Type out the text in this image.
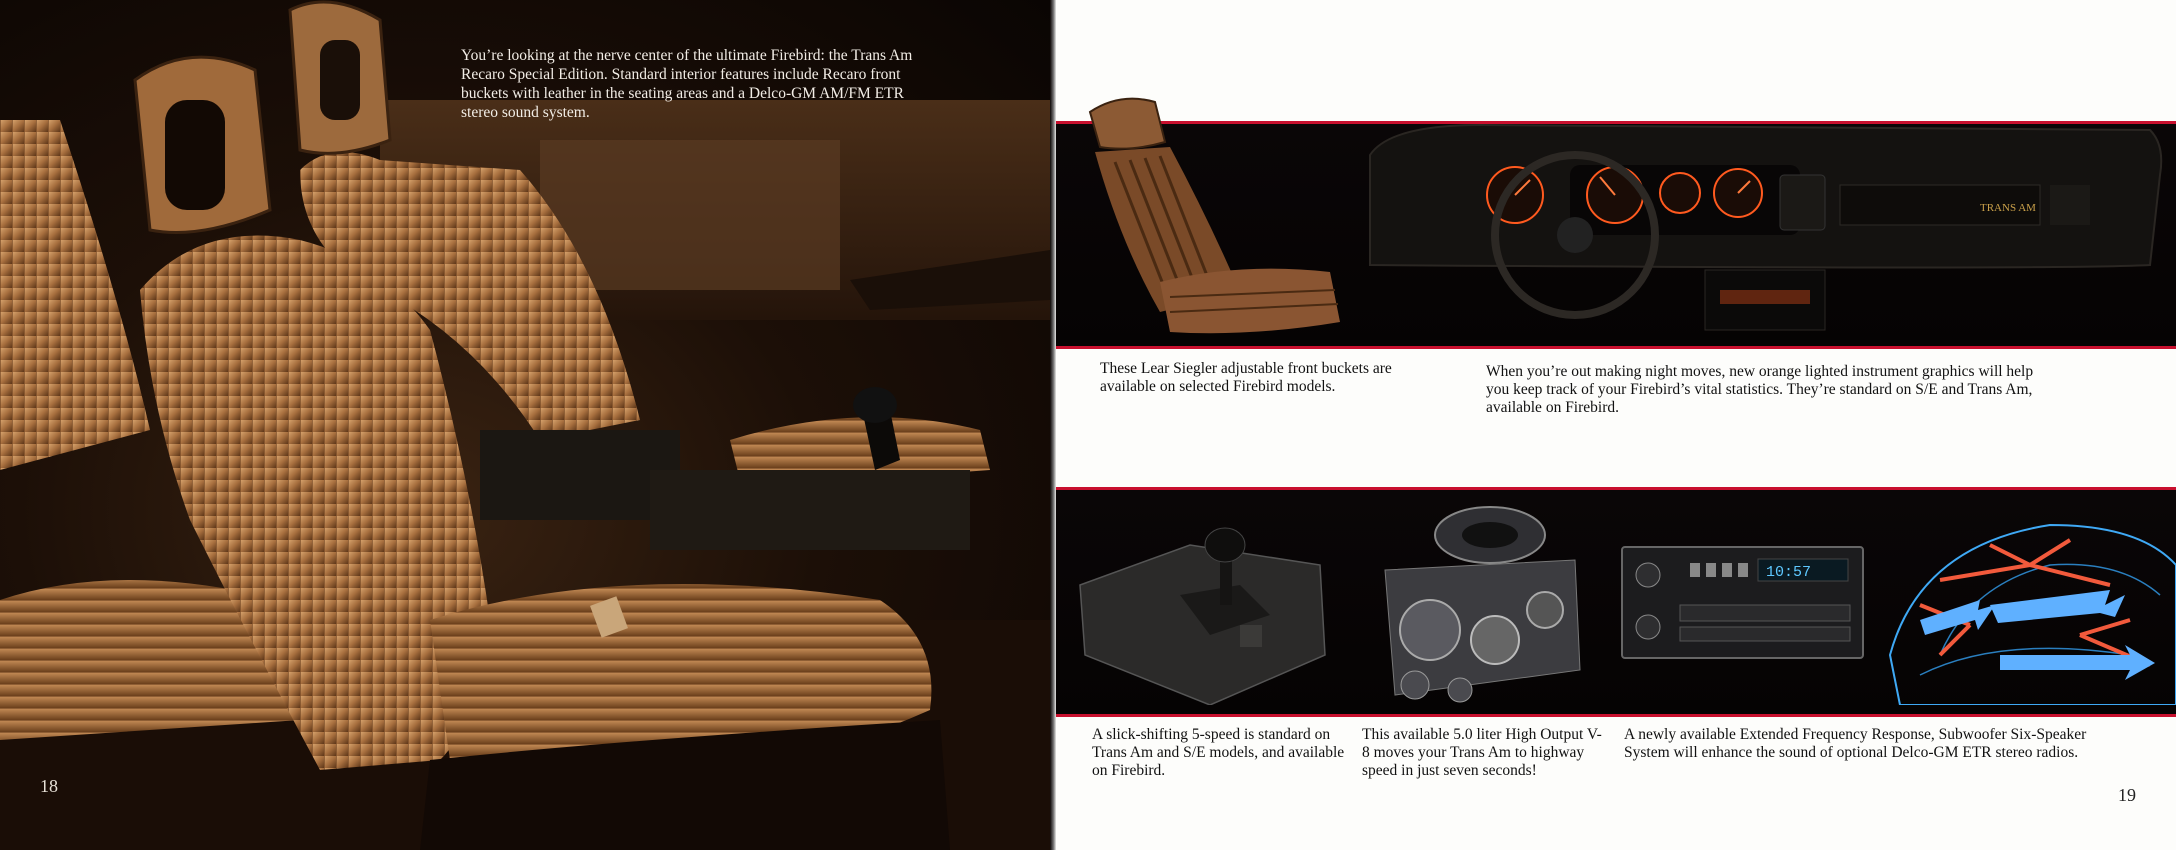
You’re looking at the nerve center of the ultimate Firebird: the Trans Am Recaro Special Edition. Standard interior features include Recaro front buckets with leather in the seating areas and a Delco-GM AM/FM ETR stereo sound system.

18
TRANS AM

These Lear Siegler adjustable front buckets are available on selected Firebird models.

When you’re out making night moves, new orange lighted instrument graphics will help you keep track of your Firebird’s vital statistics. They’re standard on S/E and Trans Am, available on Firebird.

10:57

A slick-shifting 5-speed is standard on Trans Am and S/E models, and available on Firebird.

This available 5.0 liter High Output V-8 moves your Trans Am to highway speed in just seven seconds!

A newly available Extended Frequency Response, Subwoofer Six-Speaker System will enhance the sound of optional Delco-GM ETR stereo radios.

19
